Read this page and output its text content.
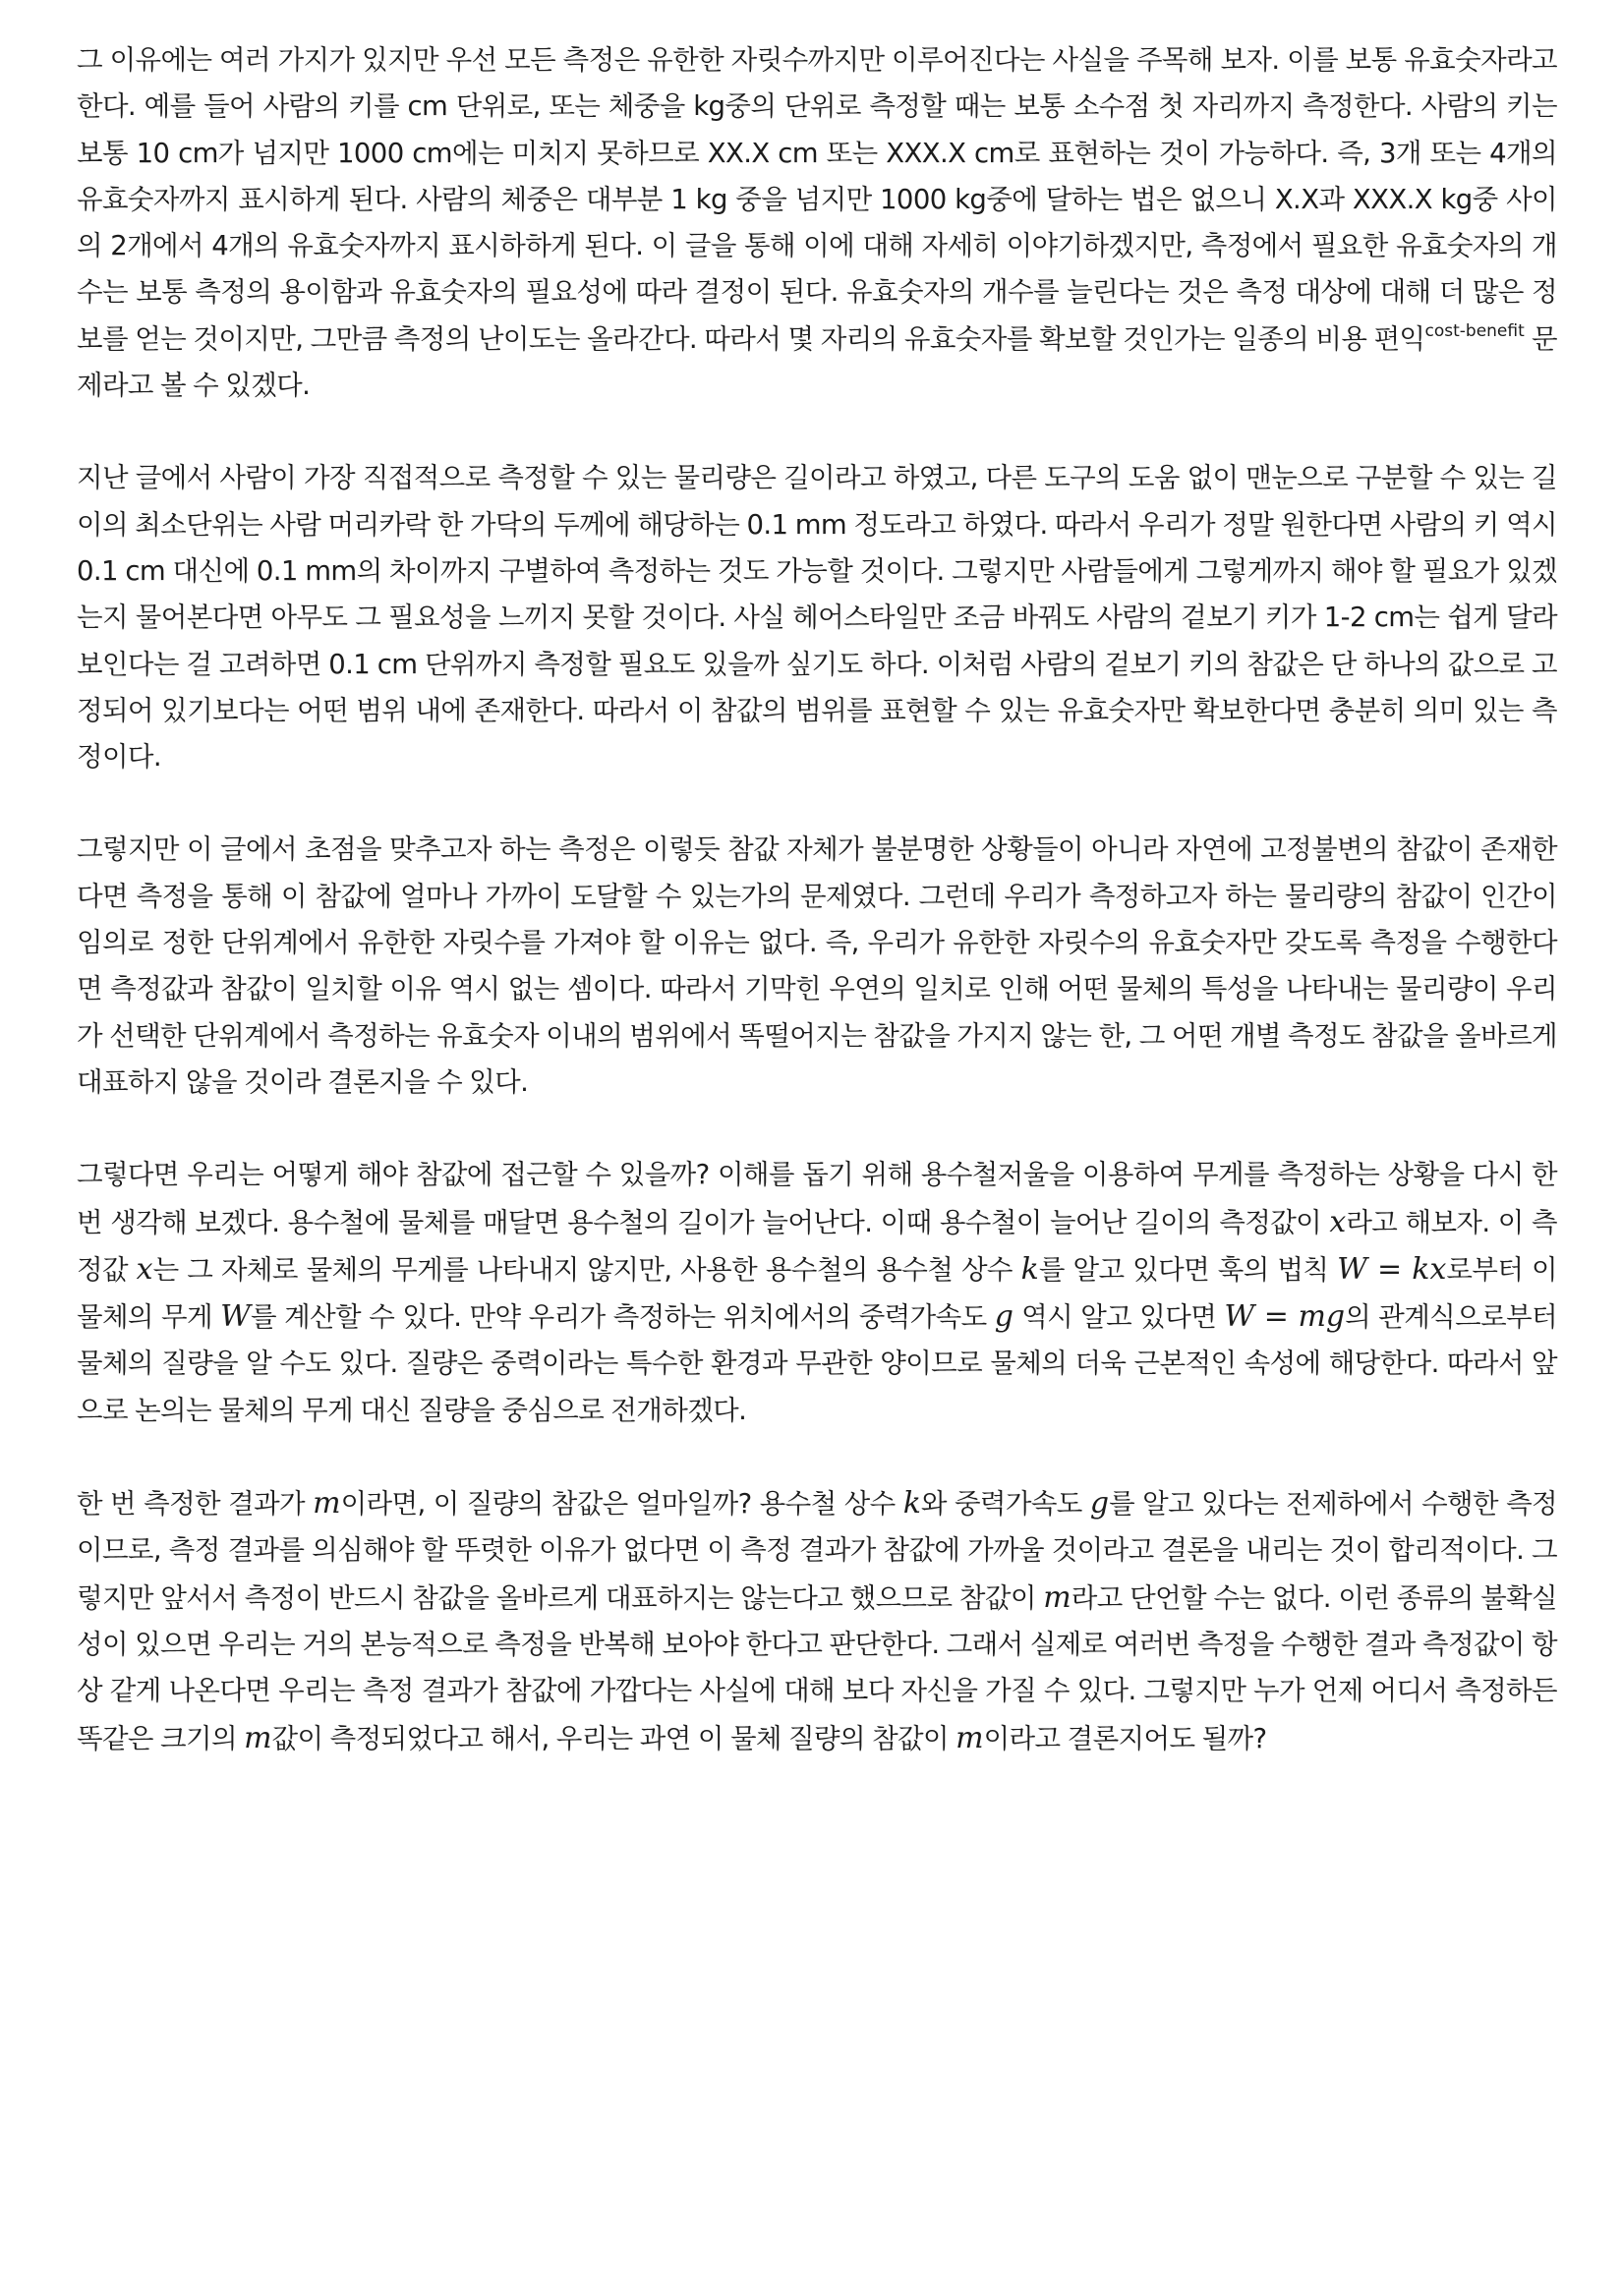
그 이유에는 여러 가지가 있지만 우선 모든 측정은 유한한 자릿수까지만 이루어진다는 사실을 주목해 보자. 이를 보통 유효숫자라고 한다. 예를 들어 사람의 키를 cm 단위로, 또는 체중을 kg중의 단위로 측정할 때는 보통 소수점 첫 자리까지 측정한다. 사람의 키는 보통 10 cm가 넘지만 1000 cm에는 미치지 못하므로 XX.X cm 또는 XXX.X cm로 표현하는 것이 가능하다. 즉, 3개 또는 4개의 유효숫자까지 표시하게 된다. 사람의 체중은 대부분 1 kg 중을 넘지만 1000 kg중에 달하는 법은 없으니 X.X과 XXX.X kg중 사이의 2개에서 4개의 유효숫자까지 표시하하게 된다. 이 글을 통해 이에 대해 자세히 이야기하겠지만, 측정에서 필요한 유효숫자의 개수는 보통 측정의 용이함과 유효숫자의 필요성에 따라 결정이 된다. 유효숫자의 개수를 늘린다는 것은 측정 대상에 대해 더 많은 정보를 얻는 것이지만, 그만큼 측정의 난이도는 올라간다. 따라서 몇 자리의 유효숫자를 확보할 것인가는 일종의 비용 편익$^{cost-benefit}$ 문제라고 볼 수 있겠다.

지난 글에서 사람이 가장 직접적으로 측정할 수 있는 물리량은 길이라고 하였고, 다른 도구의 도움 없이 맨눈으로 구분할 수 있는 길이의 최소단위는 사람 머리카락 한 가닥의 두께에 해당하는 0.1 mm 정도라고 하였다. 따라서 우리가 정말 원한다면 사람의 키 역시 0.1 cm 대신에 0.1 mm의 차이까지 구별하여 측정하는 것도 가능할 것이다. 그렇지만 사람들에게 그렇게까지 해야 할 필요가 있겠는지 물어본다면 아무도 그 필요성을 느끼지 못할 것이다. 사실 헤어스타일만 조금 바꿔도 사람의 겉보기 키가 1-2 cm는 쉽게 달라 보인다는 걸 고려하면 0.1 cm 단위까지 측정할 필요도 있을까 싶기도 하다. 이처럼 사람의 겉보기 키의 참값은 단 하나의 값으로 고정되어 있기보다는 어떤 범위 내에 존재한다. 따라서 이 참값의 범위를 표현할 수 있는 유효숫자만 확보한다면 충분히 의미 있는 측정이다.

그렇지만 이 글에서 초점을 맞추고자 하는 측정은 이렇듯 참값 자체가 불분명한 상황들이 아니라 자연에 고정불변의 참값이 존재한다면 측정을 통해 이 참값에 얼마나 가까이 도달할 수 있는가의 문제였다. 그런데 우리가 측정하고자 하는 물리량의 참값이 인간이 임의로 정한 단위계에서 유한한 자릿수를 가져야 할 이유는 없다. 즉, 우리가 유한한 자릿수의 유효숫자만 갖도록 측정을 수행한다면 측정값과 참값이 일치할 이유 역시 없는 셈이다. 따라서 기막힌 우연의 일치로 인해 어떤 물체의 특성을 나타내는 물리량이 우리가 선택한 단위계에서 측정하는 유효숫자 이내의 범위에서 똑떨어지는 참값을 가지지 않는 한, 그 어떤 개별 측정도 참값을 올바르게 대표하지 않을 것이라 결론지을 수 있다.

그렇다면 우리는 어떻게 해야 참값에 접근할 수 있을까? 이해를 돕기 위해 용수철저울을 이용하여 무게를 측정하는 상황을 다시 한 번 생각해 보겠다. 용수철에 물체를 매달면 용수철의 길이가 늘어난다. 이때 용수철이 늘어난 길이의 측정값이 x라고 해보자. 이 측정값 x는 그 자체로 물체의 무게를 나타내지 않지만, 사용한 용수철의 용수철 상수 k를 알고 있다면 훅의 법칙 W = kx로부터 이 물체의 무게 W를 계산할 수 있다. 만약 우리가 측정하는 위치에서의 중력가속도 g 역시 알고 있다면 W = mg의 관계식으로부터 물체의 질량을 알 수도 있다. 질량은 중력이라는 특수한 환경과 무관한 양이므로 물체의 더욱 근본적인 속성에 해당한다. 따라서 앞으로 논의는 물체의 무게 대신 질량을 중심으로 전개하겠다.

한 번 측정한 결과가 m이라면, 이 질량의 참값은 얼마일까? 용수철 상수 k와 중력가속도 g를 알고 있다는 전제하에서 수행한 측정이므로, 측정 결과를 의심해야 할 뚜렷한 이유가 없다면 이 측정 결과가 참값에 가까울 것이라고 결론을 내리는 것이 합리적이다. 그렇지만 앞서서 측정이 반드시 참값을 올바르게 대표하지는 않는다고 했으므로 참값이 m라고 단언할 수는 없다. 이런 종류의 불확실성이 있으면 우리는 거의 본능적으로 측정을 반복해 보아야 한다고 판단한다. 그래서 실제로 여러번 측정을 수행한 결과 측정값이 항상 같게 나온다면 우리는 측정 결과가 참값에 가깝다는 사실에 대해 보다 자신을 가질 수 있다. 그렇지만 누가 언제 어디서 측정하든 똑같은 크기의 m값이 측정되었다고 해서, 우리는 과연 이 물체 질량의 참값이 m이라고 결론지어도 될까?
